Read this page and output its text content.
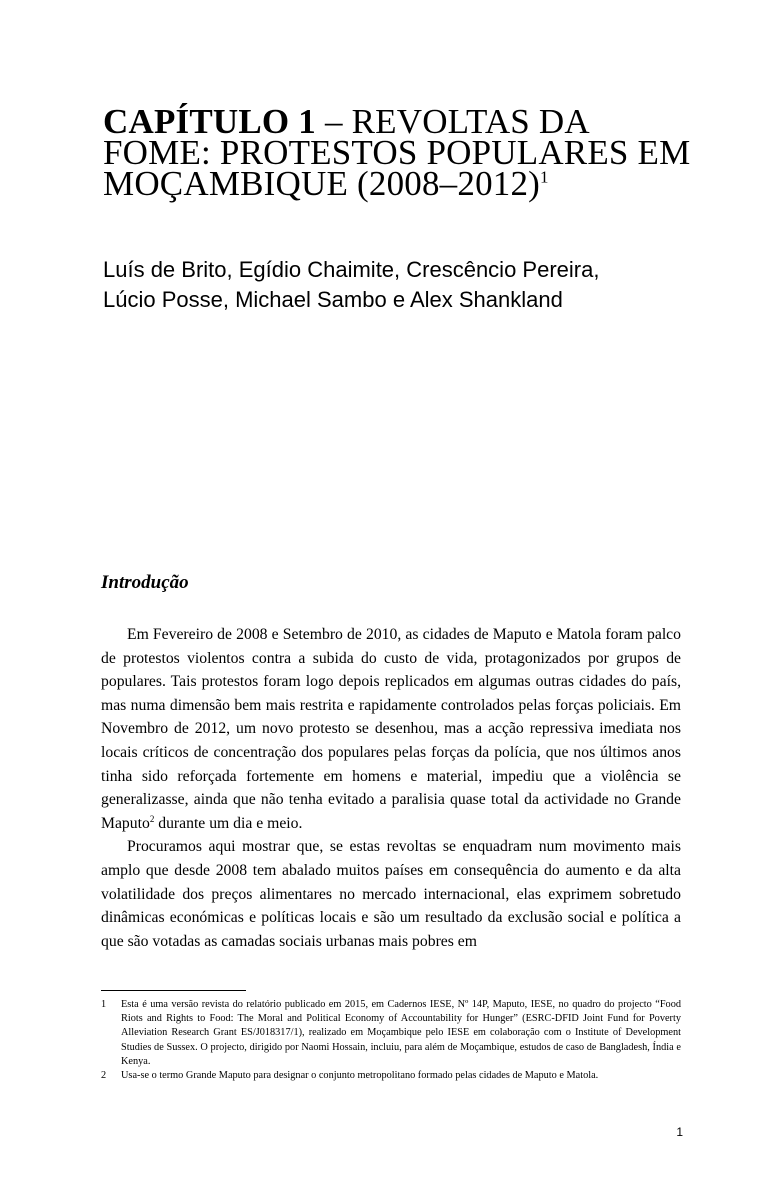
CAPÍTULO 1 – REVOLTAS DA
FOME: PROTESTOS POPULARES EM
MOÇAMBIQUE (2008–2012)$^1$
Luís de Brito, Egídio Chaimite, Crescêncio Pereira,
Lúcio Posse, Michael Sambo e Alex Shankland
Introdução

Em Fevereiro de 2008 e Setembro de 2010, as cidades de Maputo e Matola foram palco de protestos violentos contra a subida do custo de vida, protagonizados por grupos de populares. Tais protestos foram logo depois replicados em algumas outras cidades do país, mas numa dimensão bem mais restrita e rapidamente controlados pelas forças policiais. Em Novembro de 2012, um novo protesto se desenhou, mas a acção repressiva imediata nos locais críticos de concentração dos populares pelas forças da polícia, que nos últimos anos tinha sido reforçada fortemente em homens e material, impediu que a violência se generalizasse, ainda que não tenha evitado a paralisia quase total da actividade no Grande Maputo$^2$ durante um dia e meio.

Procuramos aqui mostrar que, se estas revoltas se enquadram num movimento mais amplo que desde 2008 tem abalado muitos países em consequência do aumento e da alta volatilidade dos preços alimentares no mercado internacional, elas exprimem sobretudo dinâmicas económicas e políticas locais e são um resultado da exclusão social e política a que são votadas as camadas sociais urbanas mais pobres em

1	Esta é uma versão revista do relatório publicado em 2015, em Cadernos IESE, Nº 14P, Maputo, IESE, no quadro do projecto “Food Riots and Rights to Food: The Moral and Political Economy of Accountability for Hunger” (ESRC-DFID Joint Fund for Poverty Alleviation Research Grant ES/J018317/1), realizado em Moçambique pelo IESE em colaboração com o Institute of Development Studies de Sussex. O projecto, dirigido por Naomi Hossain, incluiu, para além de Moçambique, estudos de caso de Bangladesh, Índia e Kenya.
2	Usa-se o termo Grande Maputo para designar o conjunto metropolitano formado pelas cidades de Maputo e Matola.
1
